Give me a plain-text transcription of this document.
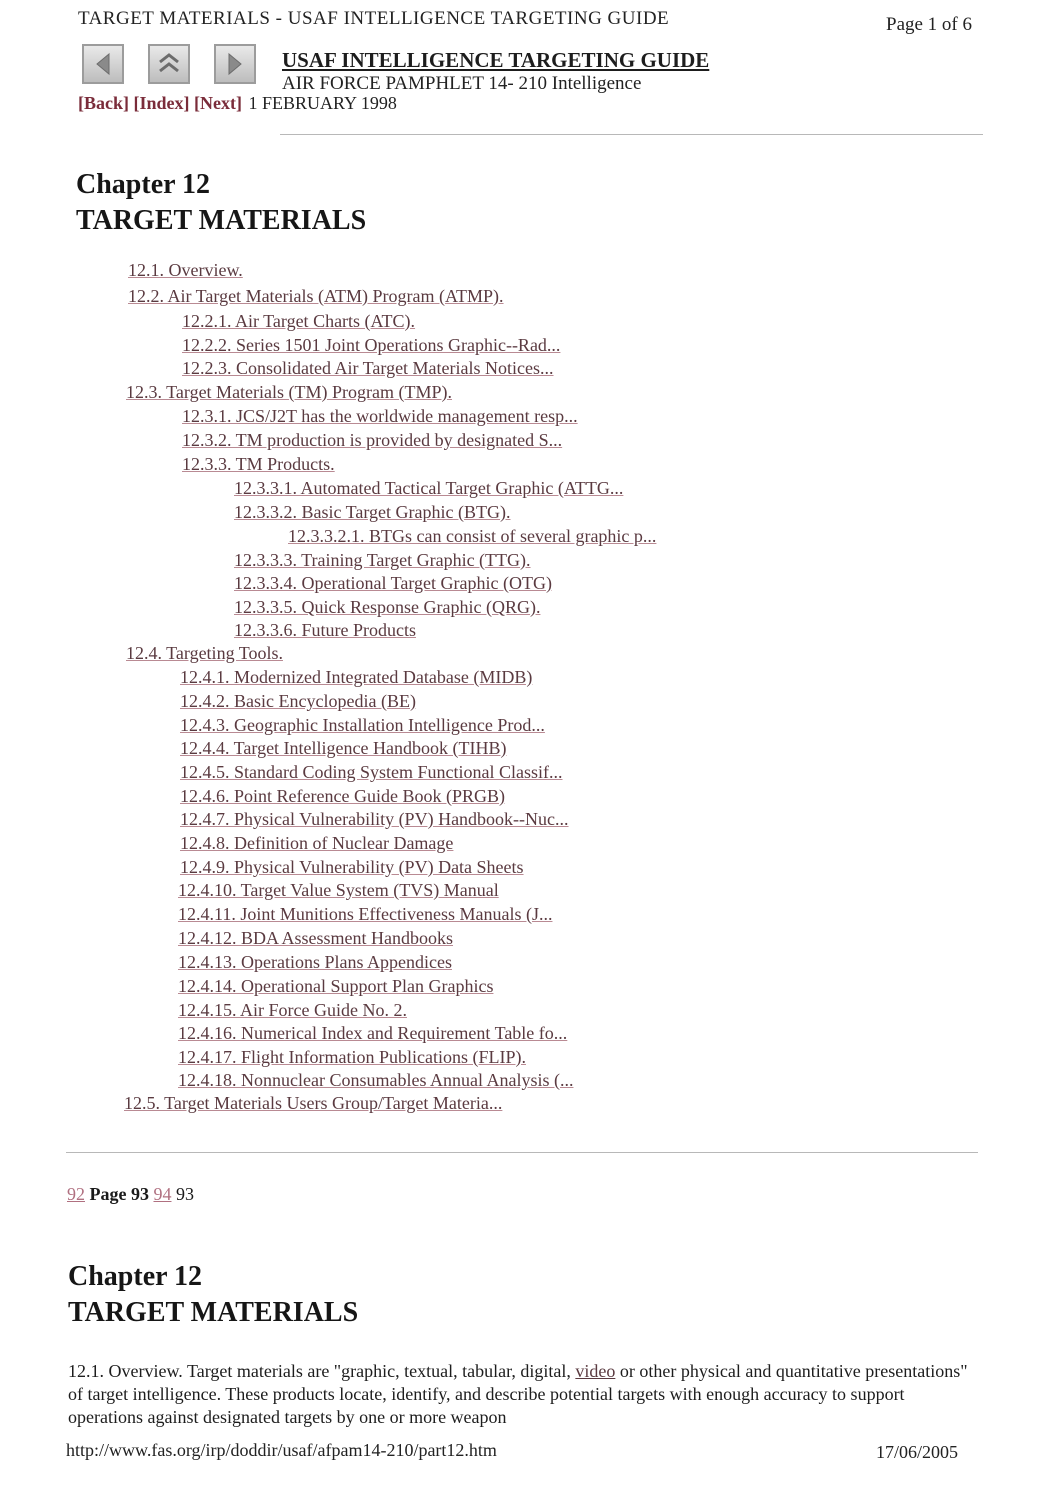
TARGET MATERIALS - USAF INTELLIGENCE TARGETING GUIDE	Page 1 of 6
USAF INTELLIGENCE TARGETING GUIDE
AIR FORCE PAMPHLET 14- 210 Intelligence
[Back] [Index] [Next] 1 FEBRUARY 1998
Chapter 12
TARGET MATERIALS
12.1. Overview.
12.2. Air Target Materials (ATM) Program (ATMP).
12.2.1. Air Target Charts (ATC).
12.2.2. Series 1501 Joint Operations Graphic--Rad...
12.2.3. Consolidated Air Target Materials Notices...
12.3. Target Materials (TM) Program (TMP).
12.3.1. JCS/J2T has the worldwide management resp...
12.3.2. TM production is provided by designated S...
12.3.3. TM Products.
12.3.3.1. Automated Tactical Target Graphic (ATTG...
12.3.3.2. Basic Target Graphic (BTG).
12.3.3.2.1. BTGs can consist of several graphic p...
12.3.3.3. Training Target Graphic (TTG).
12.3.3.4. Operational Target Graphic (OTG)
12.3.3.5. Quick Response Graphic (QRG).
12.3.3.6. Future Products
12.4. Targeting Tools.
12.4.1. Modernized Integrated Database (MIDB)
12.4.2. Basic Encyclopedia (BE)
12.4.3. Geographic Installation Intelligence Prod...
12.4.4. Target Intelligence Handbook (TIHB)
12.4.5. Standard Coding System Functional Classif...
12.4.6. Point Reference Guide Book (PRGB)
12.4.7. Physical Vulnerability (PV) Handbook--Nuc...
12.4.8. Definition of Nuclear Damage
12.4.9. Physical Vulnerability (PV) Data Sheets
12.4.10. Target Value System (TVS) Manual
12.4.11. Joint Munitions Effectiveness Manuals (J...
12.4.12. BDA Assessment Handbooks
12.4.13. Operations Plans Appendices
12.4.14. Operational Support Plan Graphics
12.4.15. Air Force Guide No. 2.
12.4.16. Numerical Index and Requirement Table fo...
12.4.17. Flight Information Publications (FLIP).
12.4.18. Nonnuclear Consumables Annual Analysis (...
12.5. Target Materials Users Group/Target Materia...
92 Page 93 94 93
Chapter 12
TARGET MATERIALS
12.1. Overview. Target materials are "graphic, textual, tabular, digital, video or other physical and quantitative presentations" of target intelligence. These products locate, identify, and describe potential targets with enough accuracy to support operations against designated targets by one or more weapon
http://www.fas.org/irp/doddir/usaf/afpam14-210/part12.htm	17/06/2005
